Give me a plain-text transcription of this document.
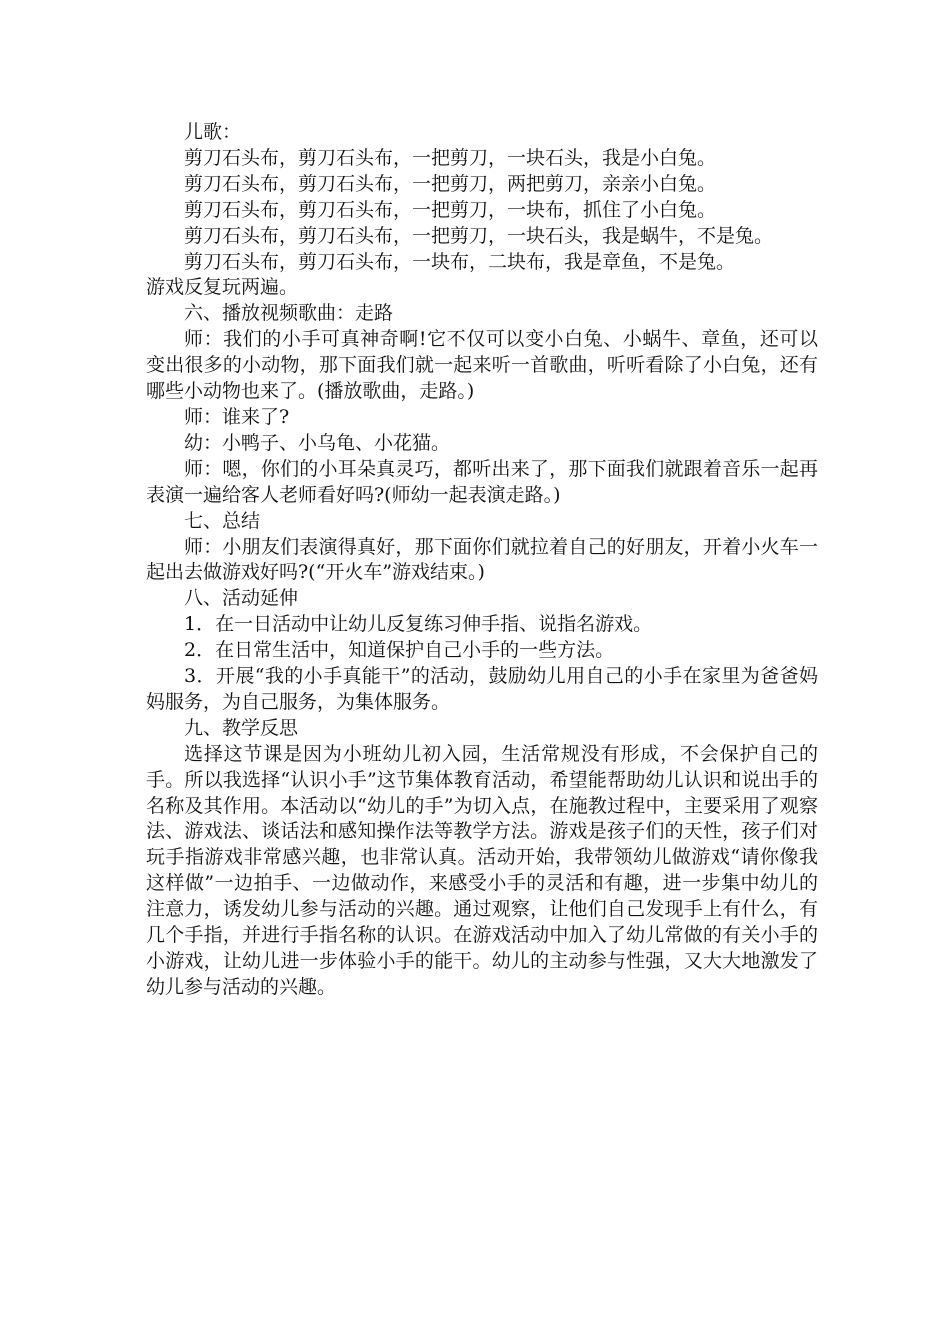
儿歌：

剪刀石头布，剪刀石头布，一把剪刀，一块石头，我是小白兔。

剪刀石头布，剪刀石头布，一把剪刀，两把剪刀，亲亲小白兔。

剪刀石头布，剪刀石头布，一把剪刀，一块布，抓住了小白兔。

剪刀石头布，剪刀石头布，一把剪刀，一块石头，我是蜗牛，不是兔。

剪刀石头布，剪刀石头布，一块布，二块布，我是章鱼，不是兔。

游戏反复玩两遍。

六、播放视频歌曲：走路

师：我们的小手可真神奇啊!它不仅可以变小白兔、小蜗牛、章鱼，还可以变出很多的小动物，那下面我们就一起来听一首歌曲，听听看除了小白兔，还有哪些小动物也来了。(播放歌曲，走路。)

师：谁来了?

幼：小鸭子、小乌龟、小花猫。

师：嗯，你们的小耳朵真灵巧，都听出来了，那下面我们就跟着音乐一起再表演一遍给客人老师看好吗?(师幼一起表演走路。)

七、总结

师：小朋友们表演得真好，那下面你们就拉着自己的好朋友，开着小火车一起出去做游戏好吗?(“开火车”游戏结束。)

八、活动延伸

1．在一日活动中让幼儿反复练习伸手指、说指名游戏。

2．在日常生活中，知道保护自己小手的一些方法。

3．开展“我的小手真能干”的活动，鼓励幼儿用自己的小手在家里为爸爸妈妈服务，为自己服务，为集体服务。

九、教学反思

选择这节课是因为小班幼儿初入园，生活常规没有形成，不会保护自己的手。所以我选择“认识小手”这节集体教育活动，希望能帮助幼儿认识和说出手的名称及其作用。本活动以“幼儿的手”为切入点，在施教过程中，主要采用了观察法、游戏法、谈话法和感知操作法等教学方法。游戏是孩子们的天性，孩子们对玩手指游戏非常感兴趣，也非常认真。活动开始，我带领幼儿做游戏“请你像我这样做”一边拍手、一边做动作，来感受小手的灵活和有趣，进一步集中幼儿的注意力，诱发幼儿参与活动的兴趣。通过观察，让他们自己发现手上有什么，有几个手指，并进行手指名称的认识。在游戏活动中加入了幼儿常做的有关小手的小游戏，让幼儿进一步体验小手的能干。幼儿的主动参与性强，又大大地激发了幼儿参与活动的兴趣。
